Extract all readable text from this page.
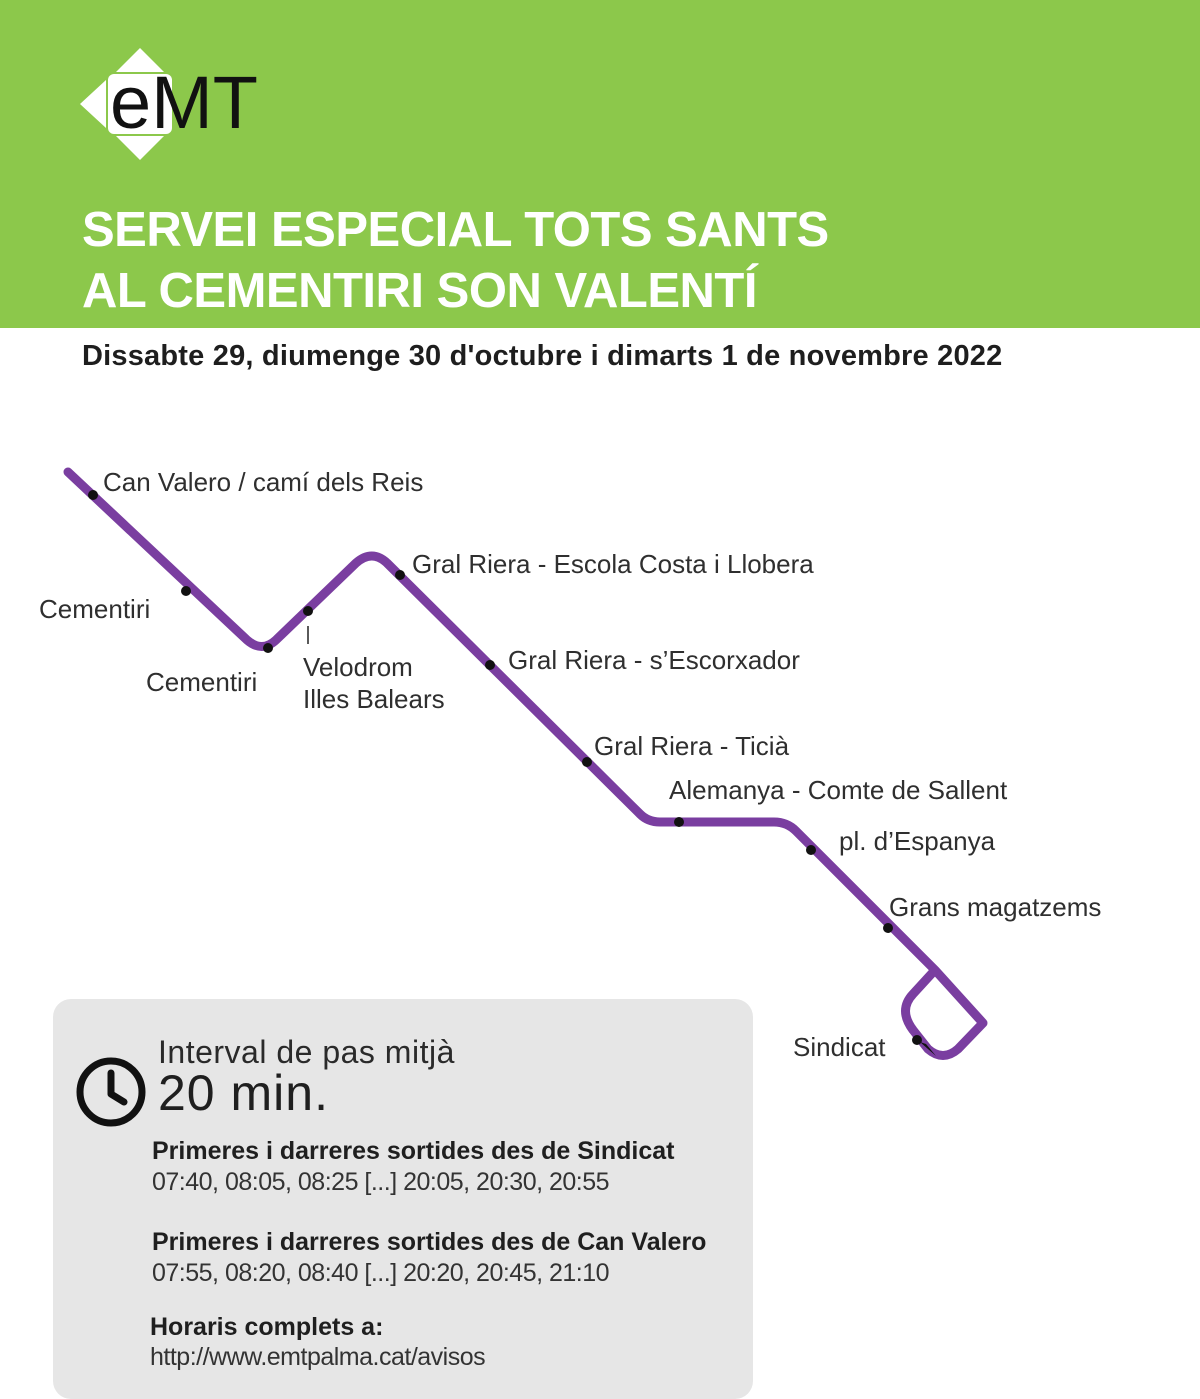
eMT
SERVEI ESPECIAL TOTS SANTS
AL CEMENTIRI SON VALENTÍ

Dissabte 29, diumenge 30 d'octubre i dimarts 1 de novembre 2022

Can Valero / camí dels Reis
Cementiri
Cementiri Velodrom
Illes Balears
Gral Riera - Escola Costa i Llobera
Gral Riera - s’Escorxador
Gral Riera - Ticià
Alemanya - Comte de Sallent
pl. d’Espanya
Grans magatzems
Sindicat
Interval de pas mitjà
20 min.
Primeres i darreres sortides des de Sindicat
07:40, 08:05, 08:25 [...] 20:05, 20:30, 20:55
Primeres i darreres sortides des de Can Valero
07:55, 08:20, 08:40 [...] 20:20, 20:45, 21:10
Horaris complets a:
http://www.emtpalma.cat/avisos
